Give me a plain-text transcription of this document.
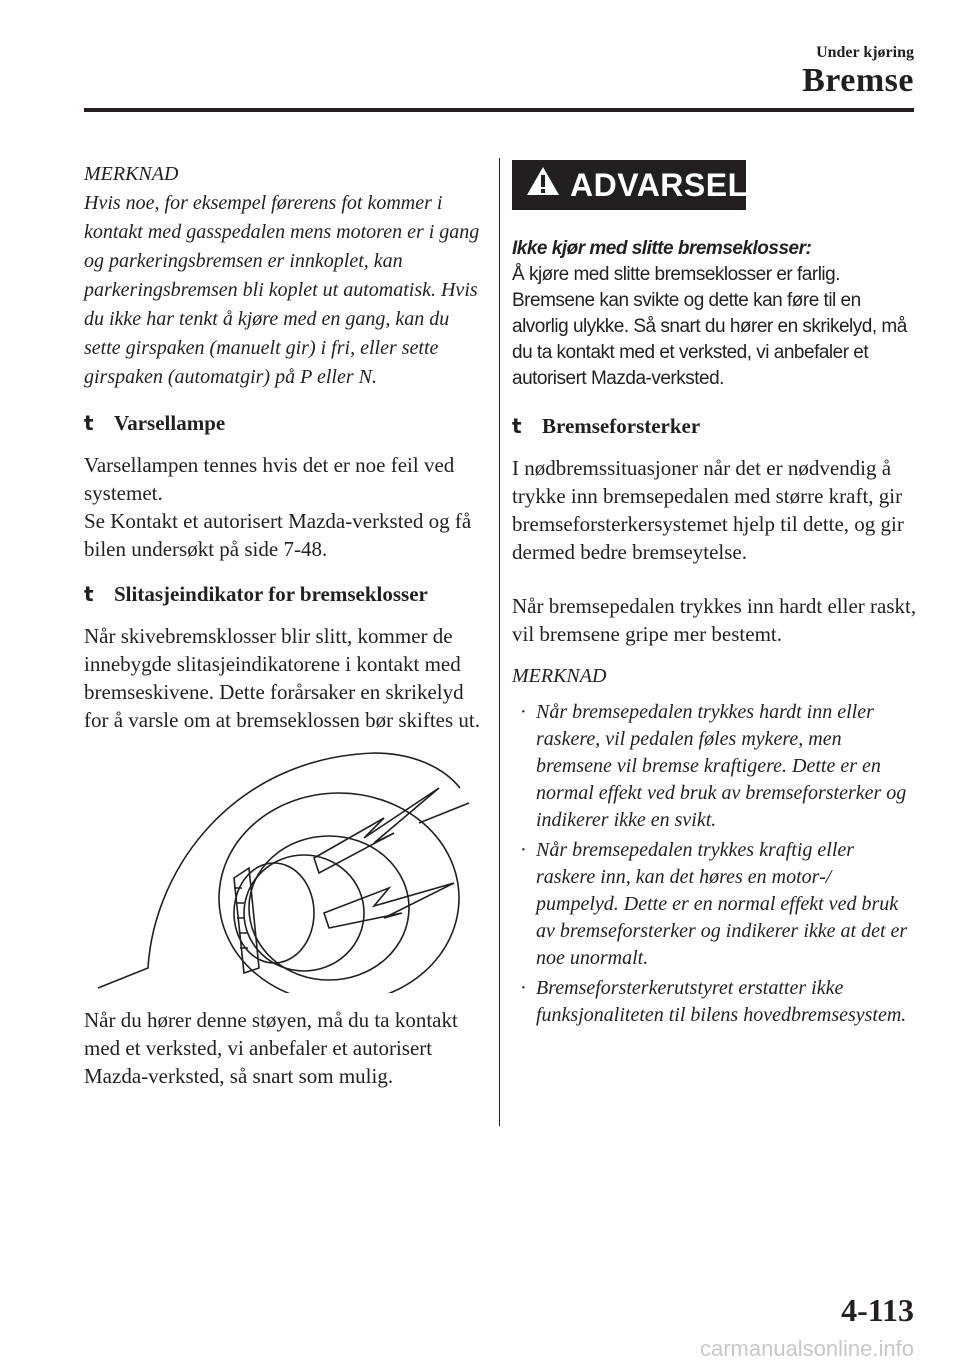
Under kjøring
Bremse

MERKNAD

Hvis noe, for eksempel førerens fot kommer i kontakt med gasspedalen mens motoren er i gang og parkeringsbremsen er innkoplet, kan parkeringsbremsen bli koplet ut automatisk. Hvis du ikke har tenkt å kjøre med en gang, kan du sette girspaken (manuelt gir) i fri, eller sette girspaken (automatgir) på P eller N.

t Varsellampe

Varsellampen tennes hvis det er noe feil ved systemet.

Se Kontakt et autorisert Mazda-verksted og få bilen undersøkt på side 7-48.

t Slitasjeindikator for bremseklosser

Når skivebremsklosser blir slitt, kommer de innebygde slitasjeindikatorene i kontakt med bremseskivene. Dette forårsaker en skrikelyd for å varsle om at bremseklossen bør skiftes ut.

Når du hører denne støyen, må du ta kontakt med et verksted, vi anbefaler et autorisert Mazda-verksted, så snart som mulig.

ADVARSEL
Ikke kjør med slitte bremseklosser:

Å kjøre med slitte bremseklosser er farlig. Bremsene kan svikte og dette kan føre til en alvorlig ulykke. Så snart du hører en skrikelyd, må du ta kontakt med et verksted, vi anbefaler et autorisert Mazda-verksted.

t Bremseforsterker

I nødbremssituasjoner når det er nødvendig å trykke inn bremsepedalen med større kraft, gir bremseforsterkersystemet hjelp til dette, og gir dermed bedre bremseytelse.

Når bremsepedalen trykkes inn hardt eller raskt, vil bremsene gripe mer bestemt.

MERKNAD
· Når bremsepedalen trykkes hardt inn eller raskere, vil pedalen føles mykere, men bremsene vil bremse kraftigere. Dette er en normal effekt ved bruk av bremseforsterker og indikerer ikke en svikt.
· Når bremsepedalen trykkes kraftig eller raskere inn, kan det høres en motor-/ pumpelyd. Dette er en normal effekt ved bruk av bremseforsterker og indikerer ikke at det er noe unormalt.
· Bremseforsterkerutstyret erstatter ikke funksjonaliteten til bilens hovedbremsesystem.
4-113
carmanualsonline.info
